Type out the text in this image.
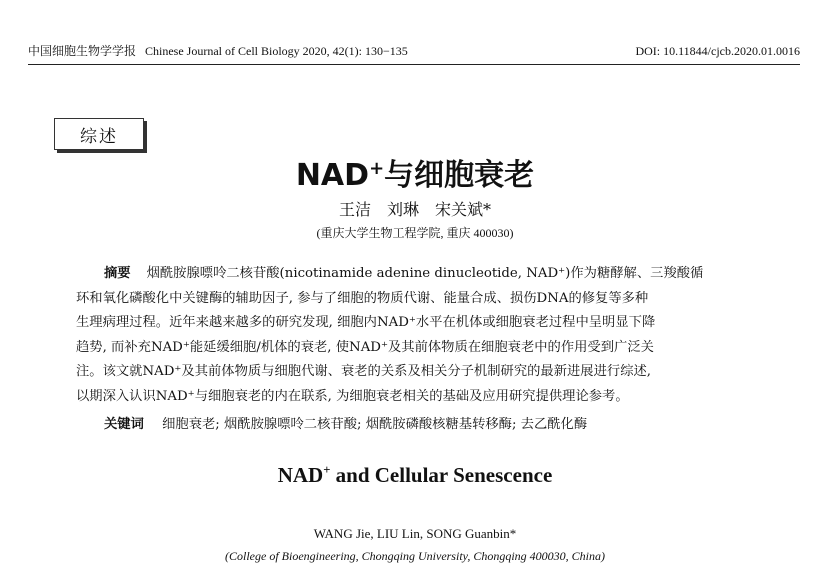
中国细胞生物学学报 Chinese Journal of Cell Biology 2020, 42(1): 130−135	DOI: 10.11844/cjcb.2020.01.0016
综述
NAD+与细胞衰老
王洁　刘琳　宋关斌*
(重庆大学生物工程学院, 重庆 400030)
摘要 烟酰胺腺嘌呤二核苷酸(nicotinamide adenine dinucleotide, NAD⁺)作为糖酵解、三羧酸循
环和氧化磷酸化中关键酶的辅助因子, 参与了细胞的物质代谢、能量合成、损伤DNA的修复等多种
生理病理过程。近年来越来越多的研究发现, 细胞内NAD⁺水平在机体或细胞衰老过程中呈明显下降
趋势, 而补充NAD⁺能延缓细胞/机体的衰老, 使NAD⁺及其前体物质在细胞衰老中的作用受到广泛关
注。该文就NAD⁺及其前体物质与细胞代谢、衰老的关系及相关分子机制研究的最新进展进行综述,
以期深入认识NAD⁺与细胞衰老的内在联系, 为细胞衰老相关的基础及应用研究提供理论参考。
关键词 细胞衰老; 烟酰胺腺嘌呤二核苷酸; 烟酰胺磷酸核糖基转移酶; 去乙酰化酶
NAD+ and Cellular Senescence
WANG Jie, LIU Lin, SONG Guanbin*
(College of Bioengineering, Chongqing University, Chongqing 400030, China)
